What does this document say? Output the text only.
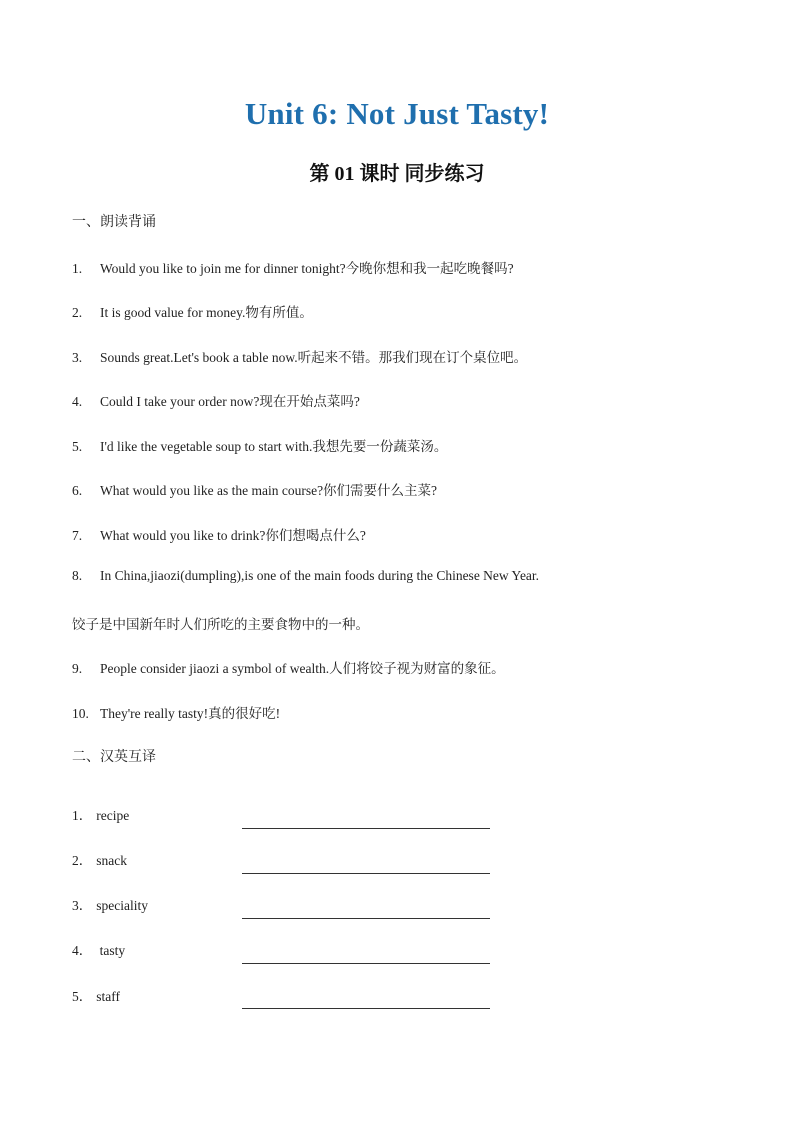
Unit 6: Not Just Tasty!
第 01 课时 同步练习
一、朗读背诵
1. Would you like to join me for dinner tonight?今晚你想和我一起吃晚餐吗?
2. It is good value for money.物有所值。
3. Sounds great.Let's book a table now.听起来不错。那我们现在订个桌位吧。
4. Could I take your order now?现在开始点菜吗?
5. I'd like the vegetable soup to start with.我想先要一份蔬菜汤。
6. What would you like as the main course?你们需要什么主菜?
7. What would you like to drink?你们想喝点什么?
8. In China,jiaozi(dumpling),is one of the main foods during the Chinese New Year.
饺子是中国新年时人们所吃的主要食物中的一种。
9. People consider jiaozi a symbol of wealth.人们将饺子视为财富的象征。
10. They're really tasty!真的很好吃!
二、汉英互译
1． recipe
2． snack
3． speciality
4． tasty
5． staff
